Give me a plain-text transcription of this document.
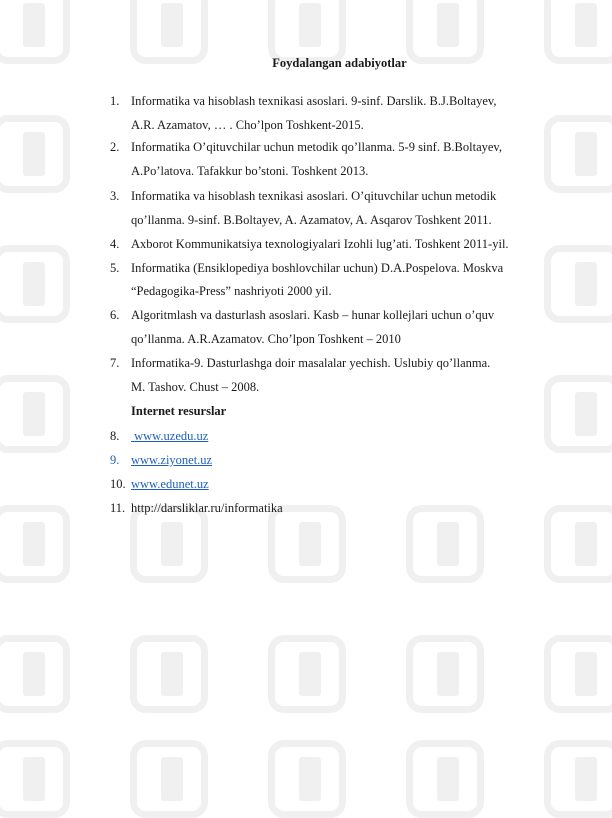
Foydalangan adabiyotlar
1. Informatika va hisoblash texnikasi asoslari. 9-sinf. Darslik. B.J.Boltayev,
A.R. Azamatov, … . Cho’lpon Toshkent-2015.
2. Informatika O’qituvchilar uchun metodik qo’llanma. 5-9 sinf. B.Boltayev,
A.Po’latova. Tafakkur bo’stoni. Toshkent 2013.
3. Informatika va hisoblash texnikasi asoslari. O’qituvchilar uchun metodik
qo’llanma. 9-sinf. B.Boltayev, A. Azamatov, A. Asqarov Toshkent 2011.
4. Axborot Kommunikatsiya texnologiyalari Izohli lug’ati. Toshkent 2011-yil.
5. Informatika (Ensiklopediya boshlovchilar uchun) D.A.Pospelova. Moskva
“Pedagogika-Press” nashriyoti 2000 yil.
6. Algoritmlash va dasturlash asoslari. Kasb – hunar kollejlari uchun o’quv
qo’llanma. A.R.Azamatov. Cho’lpon Toshkent – 2010
7. Informatika-9. Dasturlashga doir masalalar yechish. Uslubiy qo’llanma.
M. Tashov. Chust – 2008.
Internet resurslar
8. www.uzedu.uz
9. www.ziyonet.uz
10. www.edunet.uz
11. http://darsliklar.ru/informatika
